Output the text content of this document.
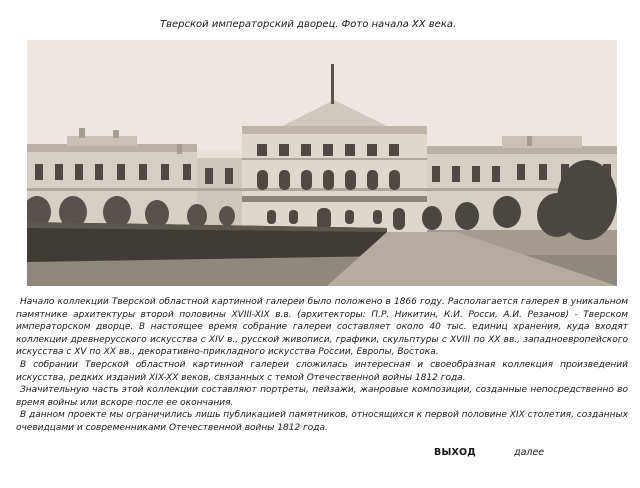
Тверской императорский дворец. Фото начала XX века.

Начало коллекции Тверской областной картинной галереи было положено в 1866 году. Располагается галерея в уникальном памятнике архитектуры второй половины XVIII-XIX в.в. (архитекторы: П.Р. Никитин, К.И. Росси, А.И. Резанов) - Тверском императорском дворце. В настоящее время собрание галереи составляет около 40 тыс. единиц хранения, куда входят коллекции древнерусского искусства с XIV в., русской живописи, графики, скульптуры с XVIII по XX вв., западноевропейского искусства с XV по XX вв., декоративно-прикладного искусства России, Европы, Востока.

В собрании Тверской областной картинной галереи сложилась интересная и своеобразная коллекция произведений искусства, редких изданий XIX-XX веков, связанных с темой Отечественной войны 1812 года.

Значительную часть этой коллекции составляют портреты, пейзажи, жанровые композиции, созданные непосредственно во время войны или вскоре после ее окончания.

В данном проекте мы ограничились лишь публикацией памятников, относящихся к первой половине XIX столетия, созданных очевидцами и современниками Отечественной войны 1812 года.

ВЫХОД	далее
